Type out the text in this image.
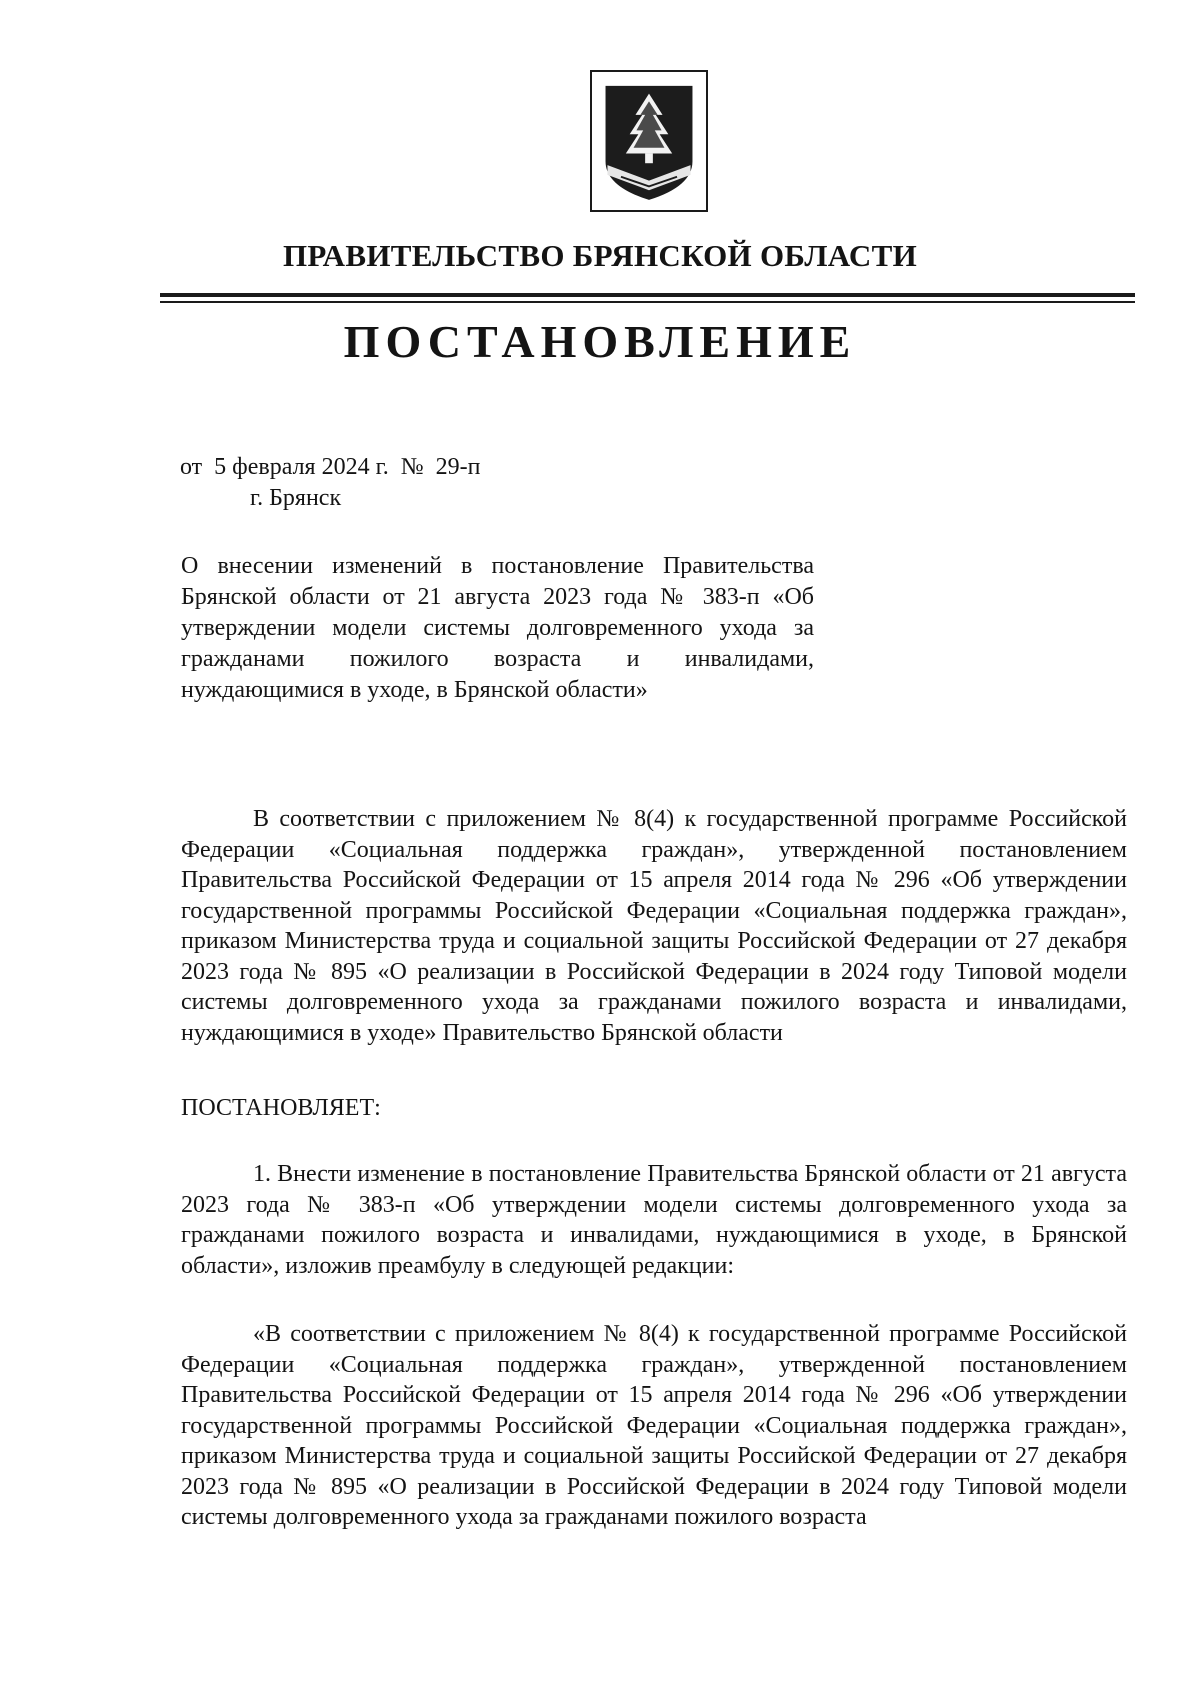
ПРАВИТЕЛЬСТВО БРЯНСКОЙ ОБЛАСТИ
ПОСТАНОВЛЕНИЕ
от  5 февраля 2024 г.  №  29-п
г. Брянск
О внесении изменений в постановление Правительства Брянской области от 21 августа 2023 года № 383-п «Об утверждении модели системы долговременного ухода за гражданами пожилого возраста и инвалидами, нуждающимися в уходе, в Брянской области»
В соответствии с приложением № 8(4) к государственной программе Российской Федерации «Социальная поддержка граждан», утвержденной постановлением Правительства Российской Федерации от 15 апреля 2014 года № 296 «Об утверждении государственной программы Российской Федерации «Социальная поддержка граждан», приказом Министерства труда и социальной защиты Российской Федерации от 27 декабря 2023 года № 895 «О реализации в Российской Федерации в 2024 году Типовой модели системы долговременного ухода за гражданами пожилого возраста и инвалидами, нуждающимися в уходе» Правительство Брянской области
ПОСТАНОВЛЯЕТ:
1. Внести изменение в постановление Правительства Брянской области от 21 августа 2023 года № 383-п «Об утверждении модели системы долговременного ухода за гражданами пожилого возраста и инвалидами, нуждающимися в уходе, в Брянской области», изложив преамбулу в следующей редакции:
«В соответствии с приложением № 8(4) к государственной программе Российской Федерации «Социальная поддержка граждан», утвержденной постановлением Правительства Российской Федерации от 15 апреля 2014 года № 296 «Об утверждении государственной программы Российской Федерации «Социальная поддержка граждан», приказом Министерства труда и социальной защиты Российской Федерации от 27 декабря 2023 года № 895 «О реализации в Российской Федерации в 2024 году Типовой модели системы долговременного ухода за гражданами пожилого возраста
